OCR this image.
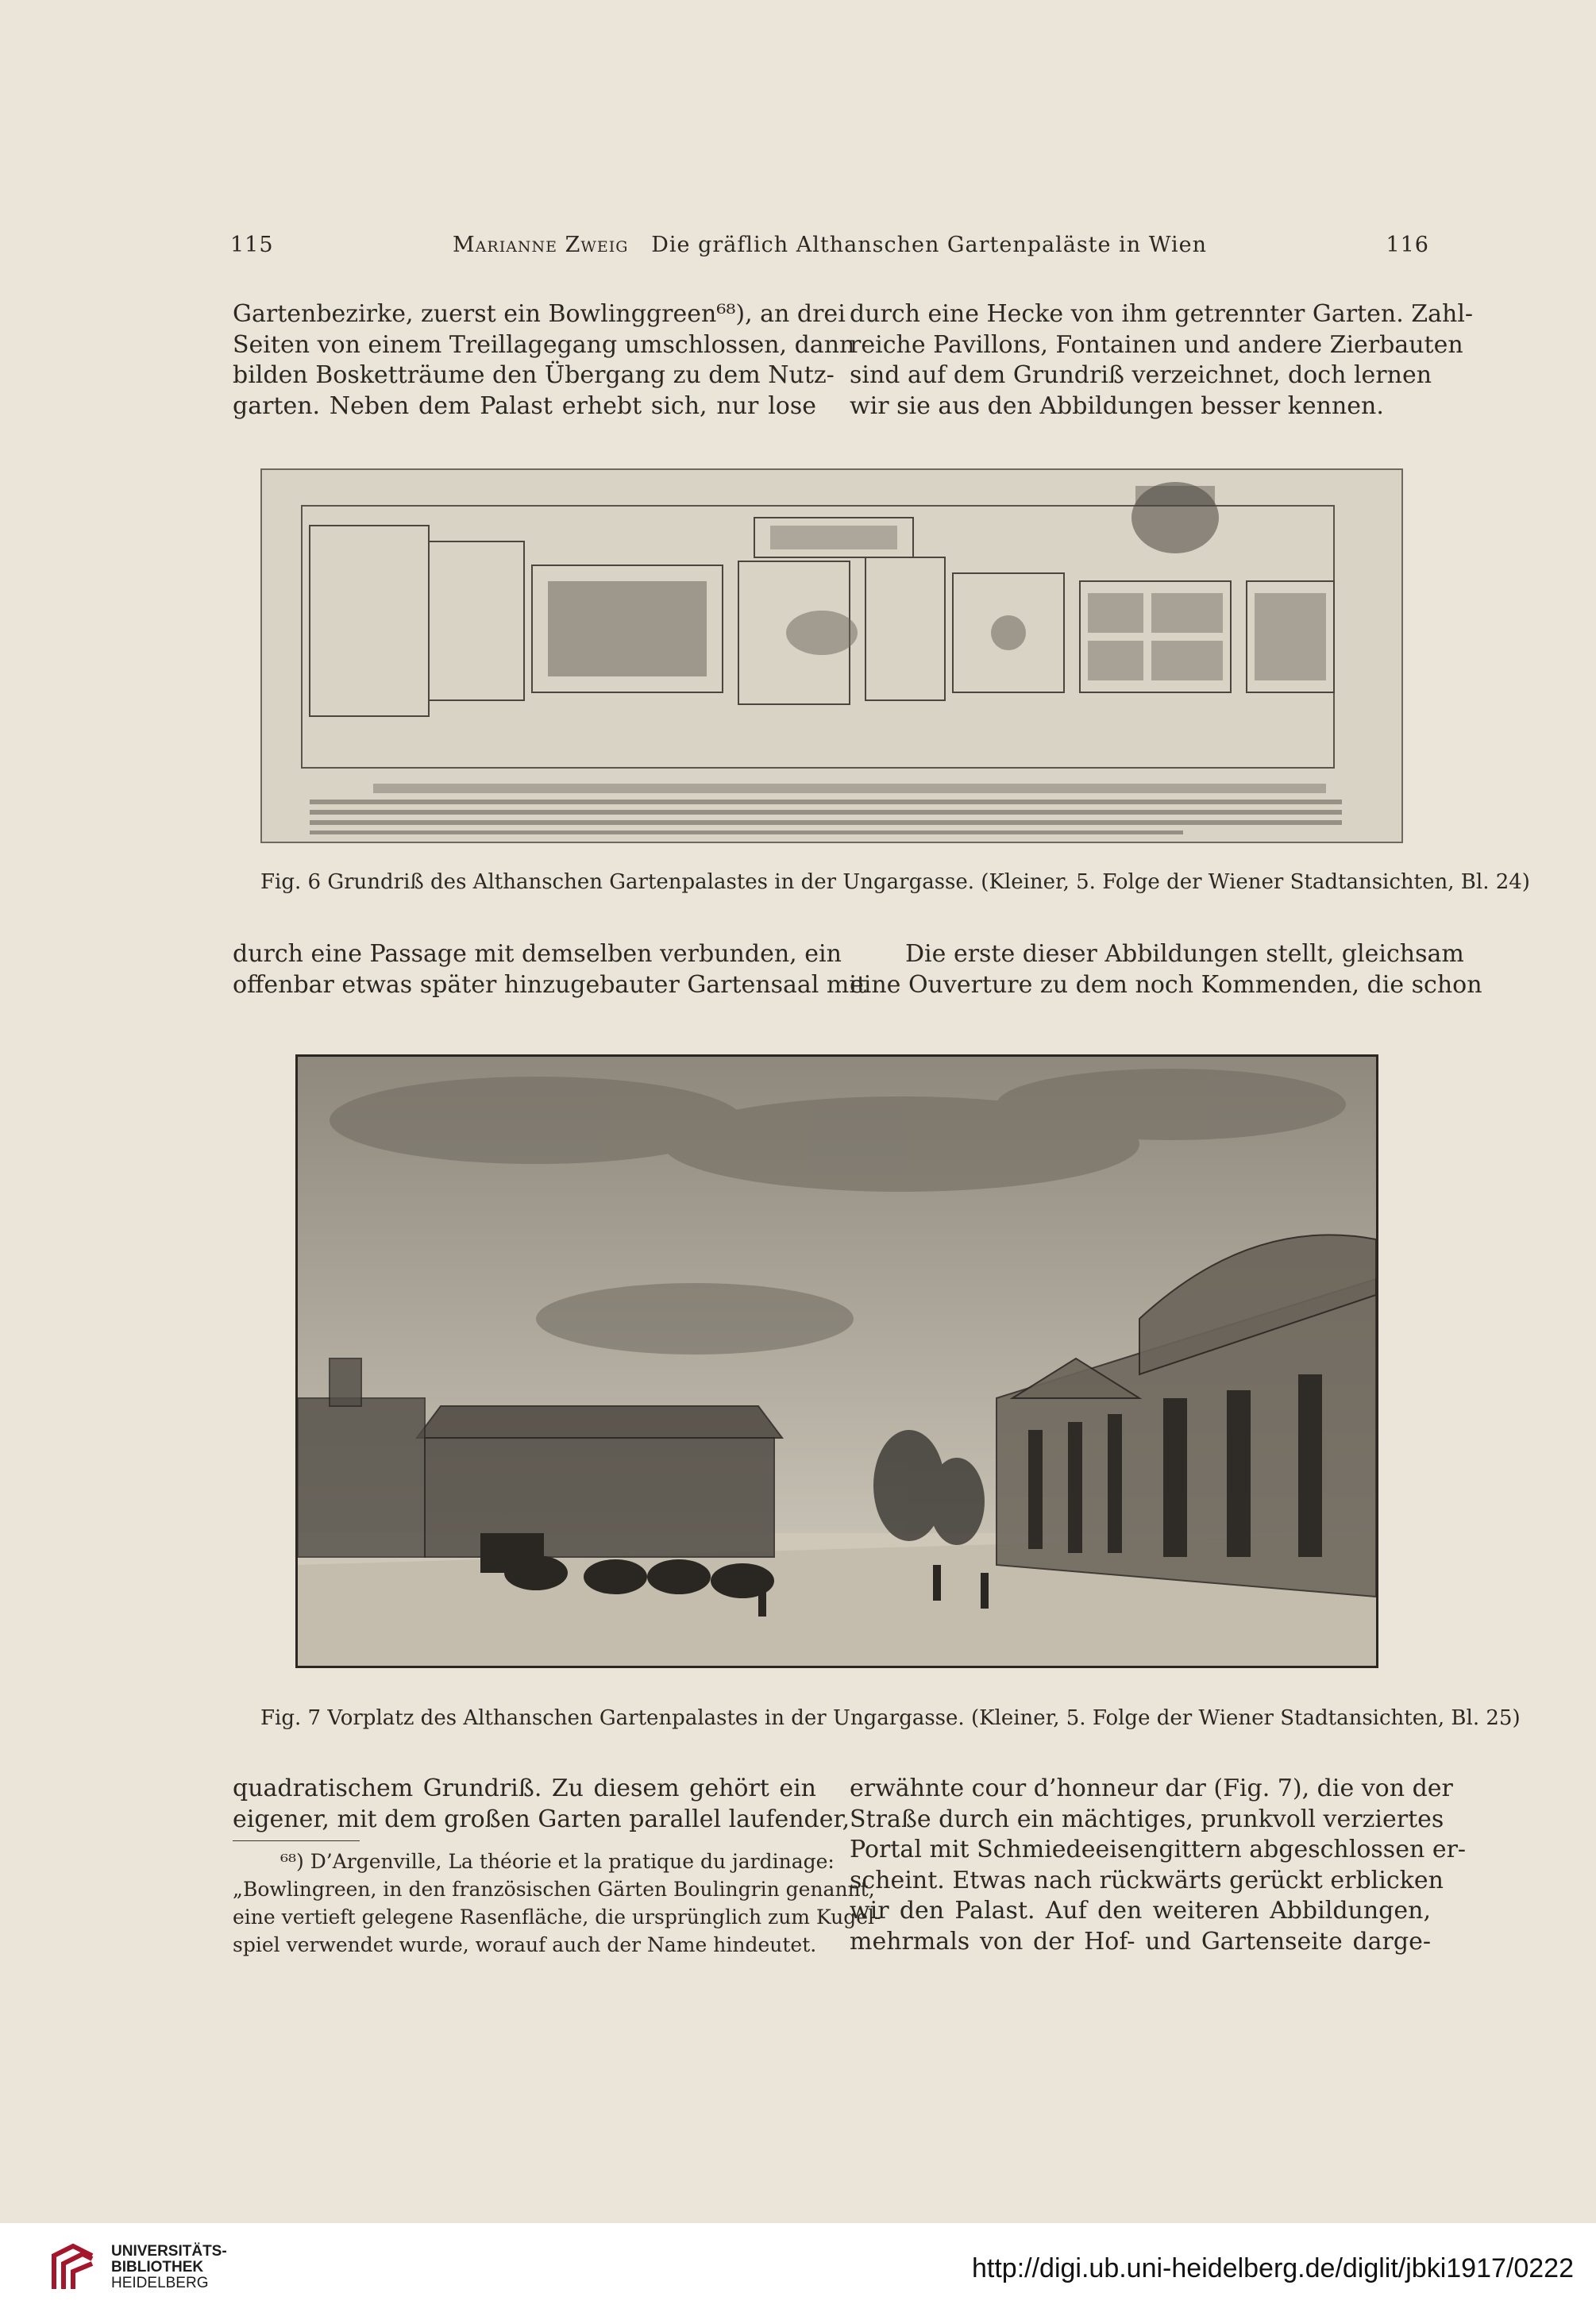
115	Marianne Zweig Die gräflich Althanschen Gartenpaläste in Wien	116
Gartenbezirke, zuerst ein Bowlinggreen⁶⁸), an drei
Seiten von einem Treillagegang umschlossen, dann
bilden Bosketträume den Übergang zu dem Nutz-
garten. Neben dem Palast erhebt sich, nur lose
durch eine Hecke von ihm getrennter Garten. Zahl-
reiche Pavillons, Fontainen und andere Zierbauten
sind auf dem Grundriß verzeichnet, doch lernen
wir sie aus den Abbildungen besser kennen.
Fig. 6 Grundriß des Althanschen Gartenpalastes in der Ungargasse. (Kleiner, 5. Folge der Wiener Stadtansichten, Bl. 24)
durch eine Passage mit demselben verbunden, ein
offenbar etwas später hinzugebauter Gartensaal mit
Die erste dieser Abbildungen stellt, gleichsam
eine Ouverture zu dem noch Kommenden, die schon
Fig. 7 Vorplatz des Althanschen Gartenpalastes in der Ungargasse. (Kleiner, 5. Folge der Wiener Stadtansichten, Bl. 25)
quadratischem Grundriß. Zu diesem gehört ein
eigener, mit dem großen Garten parallel laufender,
erwähnte cour d’honneur dar (Fig. 7), die von der
Straße durch ein mächtiges, prunkvoll verziertes
Portal mit Schmiedeeisengittern abgeschlossen er-
scheint. Etwas nach rückwärts gerückt erblicken
wir den Palast. Auf den weiteren Abbildungen,
mehrmals von der Hof- und Gartenseite darge-
⁶⁸) D’Argenville, La théorie et la pratique du jardinage:
„Bowlingreen, in den französischen Gärten Boulingrin genannt,
eine vertieft gelegene Rasenfläche, die ursprünglich zum Kugel-
spiel verwendet wurde, worauf auch der Name hindeutet.
UNIVERSITÄTS-
BIBLIOTHEK
HEIDELBERG	http://digi.ub.uni-heidelberg.de/diglit/jbki1917/0222
